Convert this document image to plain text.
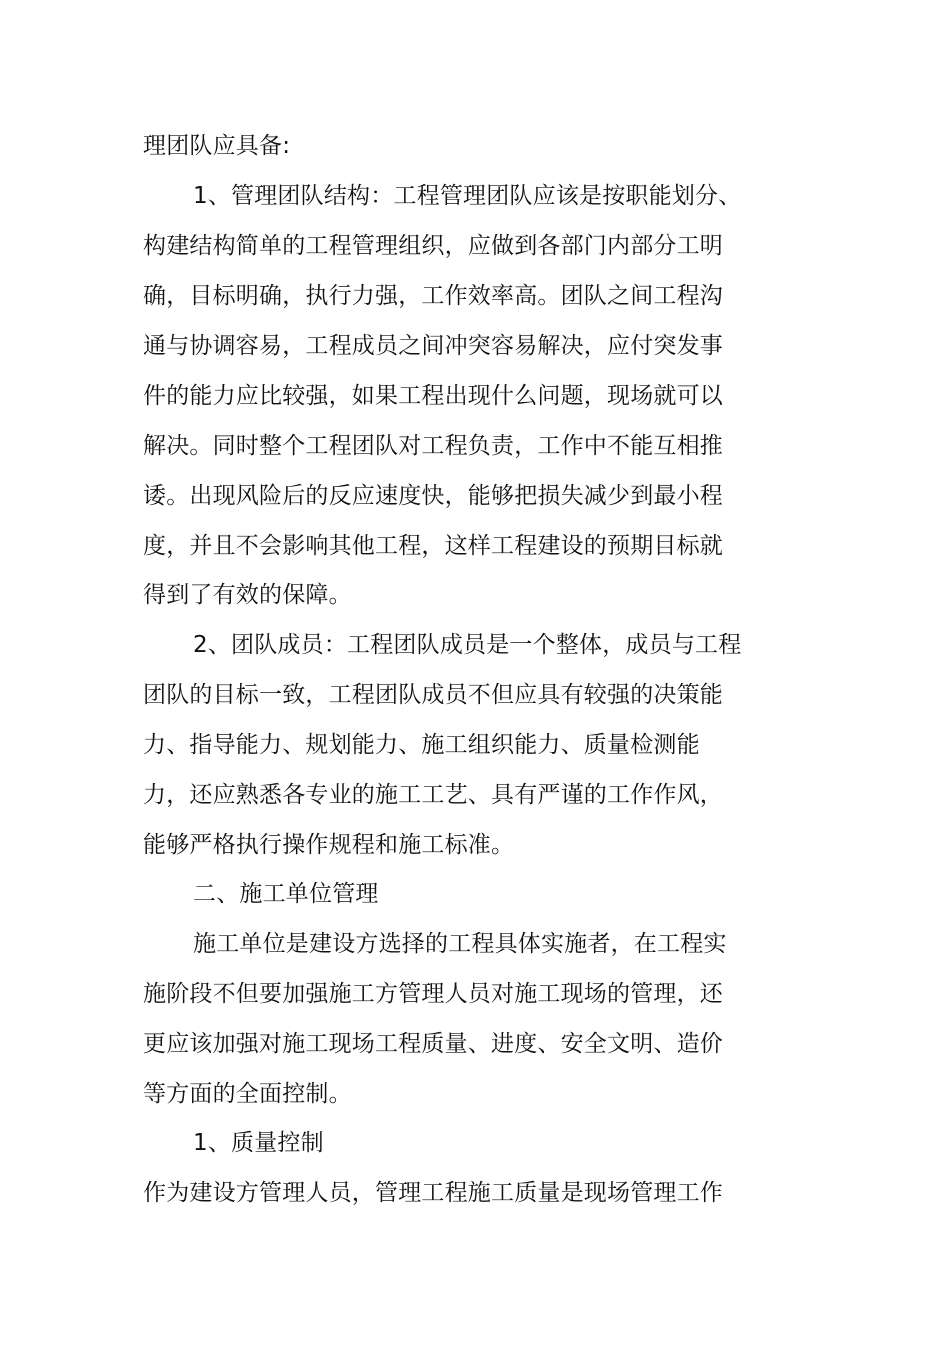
理团队应具备:
1、管理团队结构：工程管理团队应该是按职能划分、
构建结构简单的工程管理组织，应做到各部门内部分工明
确，目标明确，执行力强，工作效率高。团队之间工程沟
通与协调容易，工程成员之间冲突容易解决，应付突发事
件的能力应比较强，如果工程出现什么问题，现场就可以
解决。同时整个工程团队对工程负责，工作中不能互相推
诿。出现风险后的反应速度快，能够把损失减少到最小程
度，并且不会影响其他工程，这样工程建设的预期目标就
得到了有效的保障。
2、团队成员：工程团队成员是一个整体，成员与工程
团队的目标一致，工程团队成员不但应具有较强的决策能
力、指导能力、规划能力、施工组织能力、质量检测能
力，还应熟悉各专业的施工工艺、具有严谨的工作作风，
能够严格执行操作规程和施工标准。
二、施工单位管理
施工单位是建设方选择的工程具体实施者，在工程实
施阶段不但要加强施工方管理人员对施工现场的管理，还
更应该加强对施工现场工程质量、进度、安全文明、造价
等方面的全面控制。
1、质量控制
作为建设方管理人员，管理工程施工质量是现场管理工作
